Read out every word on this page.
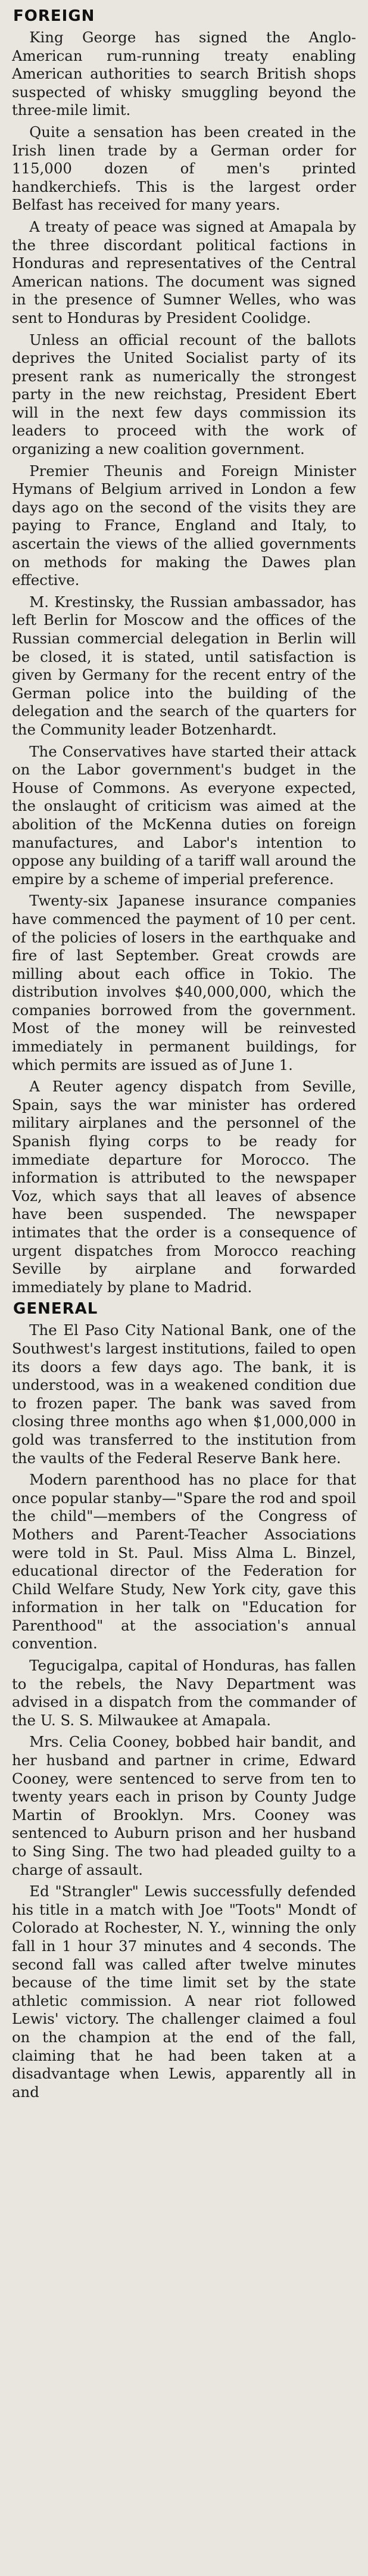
FOREIGN

King George has signed the Anglo-American rum-running treaty enabling American authorities to search British shops suspected of whisky smuggling beyond the three-mile limit.

Quite a sensation has been created in the Irish linen trade by a German order for 115,000 dozen of men's printed handkerchiefs. This is the largest order Belfast has received for many years.

A treaty of peace was signed at Amapala by the three discordant political factions in Honduras and representatives of the Central American nations. The document was signed in the presence of Sumner Welles, who was sent to Honduras by President Coolidge.

Unless an official recount of the ballots deprives the United Socialist party of its present rank as numerically the strongest party in the new reichstag, President Ebert will in the next few days commission its leaders to proceed with the work of organizing a new coalition government.

Premier Theunis and Foreign Minister Hymans of Belgium arrived in London a few days ago on the second of the visits they are paying to France, England and Italy, to ascertain the views of the allied governments on methods for making the Dawes plan effective.

M. Krestinsky, the Russian ambassador, has left Berlin for Moscow and the offices of the Russian commercial delegation in Berlin will be closed, it is stated, until satisfaction is given by Germany for the recent entry of the German police into the building of the delegation and the search of the quarters for the Community leader Botzenhardt.

The Conservatives have started their attack on the Labor government's budget in the House of Commons. As everyone expected, the onslaught of criticism was aimed at the abolition of the McKenna duties on foreign manufactures, and Labor's intention to oppose any building of a tariff wall around the empire by a scheme of imperial preference.

Twenty-six Japanese insurance companies have commenced the payment of 10 per cent. of the policies of losers in the earthquake and fire of last September. Great crowds are milling about each office in Tokio. The distribution involves $40,000,000, which the companies borrowed from the government. Most of the money will be reinvested immediately in permanent buildings, for which permits are issued as of June 1.

A Reuter agency dispatch from Seville, Spain, says the war minister has ordered military airplanes and the personnel of the Spanish flying corps to be ready for immediate departure for Morocco. The information is attributed to the newspaper Voz, which says that all leaves of absence have been suspended. The newspaper intimates that the order is a consequence of urgent dispatches from Morocco reaching Seville by airplane and forwarded immediately by plane to Madrid.

GENERAL

The El Paso City National Bank, one of the Southwest's largest institutions, failed to open its doors a few days ago. The bank, it is understood, was in a weakened condition due to frozen paper. The bank was saved from closing three months ago when $1,000,000 in gold was transferred to the institution from the vaults of the Federal Reserve Bank here.

Modern parenthood has no place for that once popular stanby—"Spare the rod and spoil the child"—members of the Congress of Mothers and Parent-Teacher Associations were told in St. Paul. Miss Alma L. Binzel, educational director of the Federation for Child Welfare Study, New York city, gave this information in her talk on "Education for Parenthood" at the association's annual convention.

Tegucigalpa, capital of Honduras, has fallen to the rebels, the Navy Department was advised in a dispatch from the commander of the U. S. S. Milwaukee at Amapala.

Mrs. Celia Cooney, bobbed hair bandit, and her husband and partner in crime, Edward Cooney, were sentenced to serve from ten to twenty years each in prison by County Judge Martin of Brooklyn. Mrs. Cooney was sentenced to Auburn prison and her husband to Sing Sing. The two had pleaded guilty to a charge of assault.

Ed "Strangler" Lewis successfully defended his title in a match with Joe "Toots" Mondt of Colorado at Rochester, N. Y., winning the only fall in 1 hour 37 minutes and 4 seconds. The second fall was called after twelve minutes because of the time limit set by the state athletic commission. A near riot followed Lewis' victory. The challenger claimed a foul on the champion at the end of the fall, claiming that he had been taken at a disadvantage when Lewis, apparently all in and
